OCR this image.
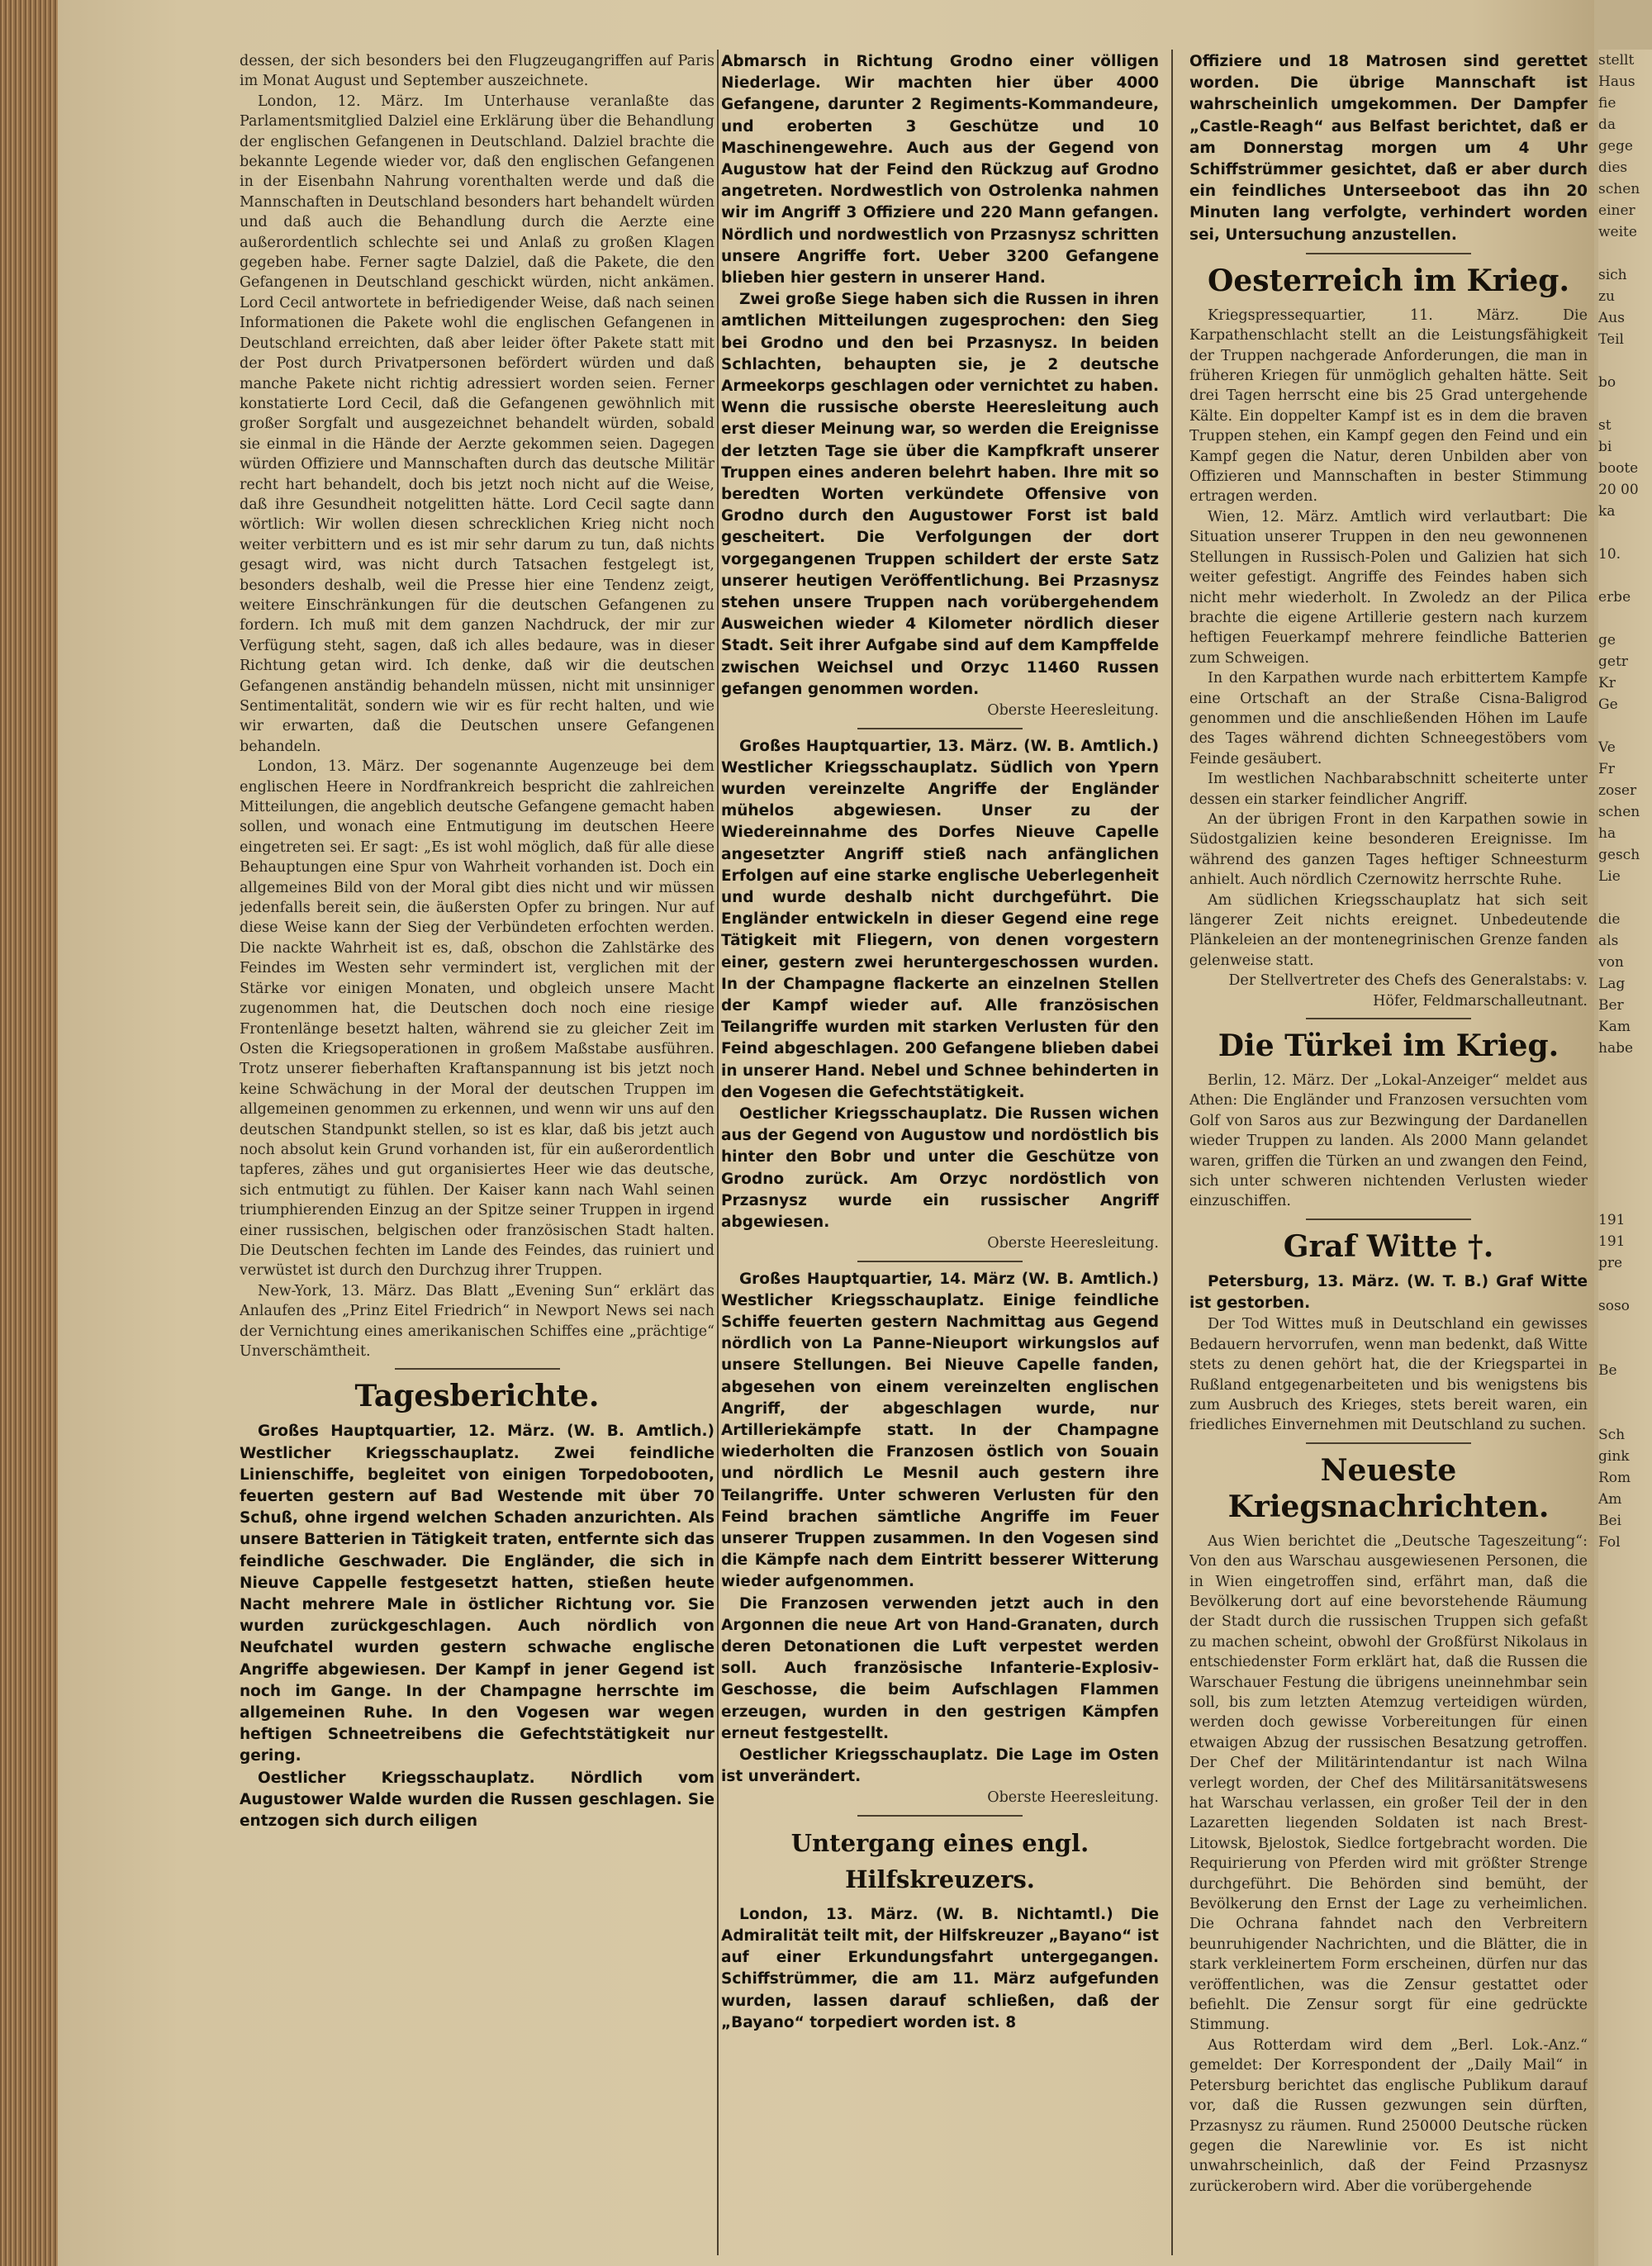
dessen, der sich besonders bei den Flugzeugangriffen auf Paris im Monat August und September auszeichnete.

London, 12. März. Im Unterhause veranlaßte das Parlamentsmitglied Dalziel eine Erklärung über die Behandlung der englischen Gefangenen in Deutschland. Dalziel brachte die bekannte Legende wieder vor, daß den englischen Gefangenen in der Eisenbahn Nahrung vorenthalten werde und daß die Mannschaften in Deutschland besonders hart behandelt würden und daß auch die Behandlung durch die Aerzte eine außerordentlich schlechte sei und Anlaß zu großen Klagen gegeben habe. Ferner sagte Dalziel, daß die Pakete, die den Gefangenen in Deutschland geschickt würden, nicht ankämen. Lord Cecil antwortete in befriedigender Weise, daß nach seinen Informationen die Pakete wohl die englischen Gefangenen in Deutschland erreichten, daß aber leider öfter Pakete statt mit der Post durch Privatpersonen befördert würden und daß manche Pakete nicht richtig adressiert worden seien. Ferner konstatierte Lord Cecil, daß die Gefangenen gewöhnlich mit großer Sorgfalt und ausgezeichnet behandelt würden, sobald sie einmal in die Hände der Aerzte gekommen seien. Dagegen würden Offiziere und Mannschaften durch das deutsche Militär recht hart behandelt, doch bis jetzt noch nicht auf die Weise, daß ihre Gesundheit notgelitten hätte. Lord Cecil sagte dann wörtlich: Wir wollen diesen schrecklichen Krieg nicht noch weiter verbittern und es ist mir sehr darum zu tun, daß nichts gesagt wird, was nicht durch Tatsachen festgelegt ist, besonders deshalb, weil die Presse hier eine Tendenz zeigt, weitere Einschränkungen für die deutschen Gefangenen zu fordern. Ich muß mit dem ganzen Nachdruck, der mir zur Verfügung steht, sagen, daß ich alles bedaure, was in dieser Richtung getan wird. Ich denke, daß wir die deutschen Gefangenen anständig behandeln müssen, nicht mit unsinniger Sentimentalität, sondern wie wir es für recht halten, und wie wir erwarten, daß die Deutschen unsere Gefangenen behandeln.

London, 13. März. Der sogenannte Augenzeuge bei dem englischen Heere in Nordfrankreich bespricht die zahlreichen Mitteilungen, die angeblich deutsche Gefangene gemacht haben sollen, und wonach eine Entmutigung im deutschen Heere eingetreten sei. Er sagt: „Es ist wohl möglich, daß für alle diese Behauptungen eine Spur von Wahrheit vorhanden ist. Doch ein allgemeines Bild von der Moral gibt dies nicht und wir müssen jedenfalls bereit sein, die äußersten Opfer zu bringen. Nur auf diese Weise kann der Sieg der Verbündeten erfochten werden. Die nackte Wahrheit ist es, daß, obschon die Zahlstärke des Feindes im Westen sehr vermindert ist, verglichen mit der Stärke vor einigen Monaten, und obgleich unsere Macht zugenommen hat, die Deutschen doch noch eine riesige Frontenlänge besetzt halten, während sie zu gleicher Zeit im Osten die Kriegsoperationen in großem Maßstabe ausführen. Trotz unserer fieberhaften Kraftanspannung ist bis jetzt noch keine Schwächung in der Moral der deutschen Truppen im allgemeinen genommen zu erkennen, und wenn wir uns auf den deutschen Standpunkt stellen, so ist es klar, daß bis jetzt auch noch absolut kein Grund vorhanden ist, für ein außerordentlich tapferes, zähes und gut organisiertes Heer wie das deutsche, sich entmutigt zu fühlen. Der Kaiser kann nach Wahl seinen triumphierenden Einzug an der Spitze seiner Truppen in irgend einer russischen, belgischen oder französischen Stadt halten. Die Deutschen fechten im Lande des Feindes, das ruiniert und verwüstet ist durch den Durchzug ihrer Truppen.

New-York, 13. März. Das Blatt „Evening Sun“ erklärt das Anlaufen des „Prinz Eitel Friedrich“ in Newport News sei nach der Vernichtung eines amerikanischen Schiffes eine „prächtige“ Unverschämtheit.

Tagesberichte.

Großes Hauptquartier, 12. März. (W. B. Amtlich.) Westlicher Kriegsschauplatz. Zwei feindliche Linienschiffe, begleitet von einigen Torpedobooten, feuerten gestern auf Bad Westende mit über 70 Schuß, ohne irgend welchen Schaden anzurichten. Als unsere Batterien in Tätigkeit traten, entfernte sich das feindliche Geschwader. Die Engländer, die sich in Nieuve Cappelle festgesetzt hatten, stießen heute Nacht mehrere Male in östlicher Richtung vor. Sie wurden zurückgeschlagen. Auch nördlich von Neufchatel wurden gestern schwache englische Angriffe abgewiesen. Der Kampf in jener Gegend ist noch im Gange. In der Champagne herrschte im allgemeinen Ruhe. In den Vogesen war wegen heftigen Schneetreibens die Gefechtstätigkeit nur gering.

Oestlicher Kriegsschauplatz. Nördlich vom Augustower Walde wurden die Russen geschlagen. Sie entzogen sich durch eiligen

Abmarsch in Richtung Grodno einer völligen Niederlage. Wir machten hier über 4000 Gefangene, darunter 2 Regiments-Kommandeure, und eroberten 3 Geschütze und 10 Maschinengewehre. Auch aus der Gegend von Augustow hat der Feind den Rückzug auf Grodno angetreten. Nordwestlich von Ostrolenka nahmen wir im Angriff 3 Offiziere und 220 Mann gefangen. Nördlich und nordwestlich von Przasnysz schritten unsere Angriffe fort. Ueber 3200 Gefangene blieben hier gestern in unserer Hand.

Zwei große Siege haben sich die Russen in ihren amtlichen Mitteilungen zugesprochen: den Sieg bei Grodno und den bei Przasnysz. In beiden Schlachten, behaupten sie, je 2 deutsche Armeekorps geschlagen oder vernichtet zu haben. Wenn die russische oberste Heeresleitung auch erst dieser Meinung war, so werden die Ereignisse der letzten Tage sie über die Kampfkraft unserer Truppen eines anderen belehrt haben. Ihre mit so beredten Worten verkündete Offensive von Grodno durch den Augustower Forst ist bald gescheitert. Die Verfolgungen der dort vorgegangenen Truppen schildert der erste Satz unserer heutigen Veröffentlichung. Bei Przasnysz stehen unsere Truppen nach vorübergehendem Ausweichen wieder 4 Kilometer nördlich dieser Stadt. Seit ihrer Aufgabe sind auf dem Kampffelde zwischen Weichsel und Orzyc 11460 Russen gefangen genommen worden.

Oberste Heeresleitung.

Großes Hauptquartier, 13. März. (W. B. Amtlich.) Westlicher Kriegsschauplatz. Südlich von Ypern wurden vereinzelte Angriffe der Engländer mühelos abgewiesen. Unser zu der Wiedereinnahme des Dorfes Nieuve Capelle angesetzter Angriff stieß nach anfänglichen Erfolgen auf eine starke englische Ueberlegenheit und wurde deshalb nicht durchgeführt. Die Engländer entwickeln in dieser Gegend eine rege Tätigkeit mit Fliegern, von denen vorgestern einer, gestern zwei heruntergeschossen wurden. In der Champagne flackerte an einzelnen Stellen der Kampf wieder auf. Alle französischen Teilangriffe wurden mit starken Verlusten für den Feind abgeschlagen. 200 Gefangene blieben dabei in unserer Hand. Nebel und Schnee behinderten in den Vogesen die Gefechtstätigkeit.

Oestlicher Kriegsschauplatz. Die Russen wichen aus der Gegend von Augustow und nordöstlich bis hinter den Bobr und unter die Geschütze von Grodno zurück. Am Orzyc nordöstlich von Przasnysz wurde ein russischer Angriff abgewiesen.

Oberste Heeresleitung.

Großes Hauptquartier, 14. März (W. B. Amtlich.) Westlicher Kriegsschauplatz. Einige feindliche Schiffe feuerten gestern Nachmittag aus Gegend nördlich von La Panne-Nieuport wirkungslos auf unsere Stellungen. Bei Nieuve Capelle fanden, abgesehen von einem vereinzelten englischen Angriff, der abgeschlagen wurde, nur Artilleriekämpfe statt. In der Champagne wiederholten die Franzosen östlich von Souain und nördlich Le Mesnil auch gestern ihre Teilangriffe. Unter schweren Verlusten für den Feind brachen sämtliche Angriffe im Feuer unserer Truppen zusammen. In den Vogesen sind die Kämpfe nach dem Eintritt besserer Witterung wieder aufgenommen.

Die Franzosen verwenden jetzt auch in den Argonnen die neue Art von Hand-Granaten, durch deren Detonationen die Luft verpestet werden soll. Auch französische Infanterie-Explosiv-Geschosse, die beim Aufschlagen Flammen erzeugen, wurden in den gestrigen Kämpfen erneut festgestellt.

Oestlicher Kriegsschauplatz. Die Lage im Osten ist unverändert.

Oberste Heeresleitung.

Untergang eines engl. Hilfskreuzers.

London, 13. März. (W. B. Nichtamtl.) Die Admiralität teilt mit, der Hilfskreuzer „Bayano“ ist auf einer Erkundungsfahrt untergegangen. Schiffstrümmer, die am 11. März aufgefunden wurden, lassen darauf schließen, daß der „Bayano“ torpediert worden ist. 8

Offiziere und 18 Matrosen sind gerettet worden. Die übrige Mannschaft ist wahrscheinlich umgekommen. Der Dampfer „Castle-Reagh“ aus Belfast berichtet, daß er am Donnerstag morgen um 4 Uhr Schiffstrümmer gesichtet, daß er aber durch ein feindliches Unterseeboot das ihn 20 Minuten lang verfolgte, verhindert worden sei, Untersuchung anzustellen.

Oesterreich im Krieg.

Kriegspressequartier, 11. März. Die Karpathenschlacht stellt an die Leistungsfähigkeit der Truppen nachgerade Anforderungen, die man in früheren Kriegen für unmöglich gehalten hätte. Seit drei Tagen herrscht eine bis 25 Grad untergehende Kälte. Ein doppelter Kampf ist es in dem die braven Truppen stehen, ein Kampf gegen den Feind und ein Kampf gegen die Natur, deren Unbilden aber von Offizieren und Mannschaften in bester Stimmung ertragen werden.

Wien, 12. März. Amtlich wird verlautbart: Die Situation unserer Truppen in den neu gewonnenen Stellungen in Russisch-Polen und Galizien hat sich weiter gefestigt. Angriffe des Feindes haben sich nicht mehr wiederholt. In Zwoledz an der Pilica brachte die eigene Artillerie gestern nach kurzem heftigen Feuerkampf mehrere feindliche Batterien zum Schweigen.

In den Karpathen wurde nach erbittertem Kampfe eine Ortschaft an der Straße Cisna-Baligrod genommen und die anschließenden Höhen im Laufe des Tages während dichten Schneegestöbers vom Feinde gesäubert.

Im westlichen Nachbarabschnitt scheiterte unter dessen ein starker feindlicher Angriff.

An der übrigen Front in den Karpathen sowie in Südostgalizien keine besonderen Ereignisse. Im während des ganzen Tages heftiger Schneesturm anhielt. Auch nördlich Czernowitz herrschte Ruhe.

Am südlichen Kriegsschauplatz hat sich seit längerer Zeit nichts ereignet. Unbedeutende Plänkeleien an der montenegrinischen Grenze fanden gelenweise statt.

Der Stellvertreter des Chefs des Generalstabs: v. Höfer, Feldmarschalleutnant.

Die Türkei im Krieg.

Berlin, 12. März. Der „Lokal-Anzeiger“ meldet aus Athen: Die Engländer und Franzosen versuchten vom Golf von Saros aus zur Bezwingung der Dardanellen wieder Truppen zu landen. Als 2000 Mann gelandet waren, griffen die Türken an und zwangen den Feind, sich unter schweren nichtenden Verlusten wieder einzuschiffen.

Graf Witte †.

Petersburg, 13. März. (W. T. B.) Graf Witte ist gestorben.

Der Tod Wittes muß in Deutschland ein gewisses Bedauern hervorrufen, wenn man bedenkt, daß Witte stets zu denen gehört hat, die der Kriegspartei in Rußland entgegenarbeiteten und bis wenigstens bis zum Ausbruch des Krieges, stets bereit waren, ein friedliches Einvernehmen mit Deutschland zu suchen.

Neueste Kriegsnachrichten.

Aus Wien berichtet die „Deutsche Tageszeitung“: Von den aus Warschau ausgewiesenen Personen, die in Wien eingetroffen sind, erfährt man, daß die Bevölkerung dort auf eine bevorstehende Räumung der Stadt durch die russischen Truppen sich gefaßt zu machen scheint, obwohl der Großfürst Nikolaus in entschiedenster Form erklärt hat, daß die Russen die Warschauer Festung die übrigens uneinnehmbar sein soll, bis zum letzten Atemzug verteidigen würden, werden doch gewisse Vorbereitungen für einen etwaigen Abzug der russischen Besatzung getroffen. Der Chef der Militärintendantur ist nach Wilna verlegt worden, der Chef des Militärsanitätswesens hat Warschau verlassen, ein großer Teil der in den Lazaretten liegenden Soldaten ist nach Brest-Litowsk, Bjelostok, Siedlce fortgebracht worden. Die Requirierung von Pferden wird mit größter Strenge durchgeführt. Die Behörden sind bemüht, der Bevölkerung den Ernst der Lage zu verheimlichen. Die Ochrana fahndet nach den Verbreitern beunruhigender Nachrichten, und die Blätter, die in stark verkleinertem Form erscheinen, dürfen nur das veröffentlichen, was die Zensur gestattet oder befiehlt. Die Zensur sorgt für eine gedrückte Stimmung.

Aus Rotterdam wird dem „Berl. Lok.-Anz.“ gemeldet: Der Korrespondent der „Daily Mail“ in Petersburg berichtet das englische Publikum darauf vor, daß die Russen gezwungen sein dürften, Przasnysz zu räumen. Rund 250000 Deutsche rücken gegen die Narewlinie vor. Es ist nicht unwahrscheinlich, daß der Feind Przasnysz zurückerobern wird. Aber die vorübergehende

stellt
Haus
fie
da
gege
dies
schen
einer
weite

sich
zu
Aus
Teil

bo

st
bi
boote
20 00
ka

10.

erbe

ge
getr
Kr
Ge

Ve
Fr
zoser
schen
ha
gesch
Lie

die
als
von
Lag
Ber
Kam
habe

191
191
pre

soso

Be

Sch
gink
Rom
Am
Bei
Fol
